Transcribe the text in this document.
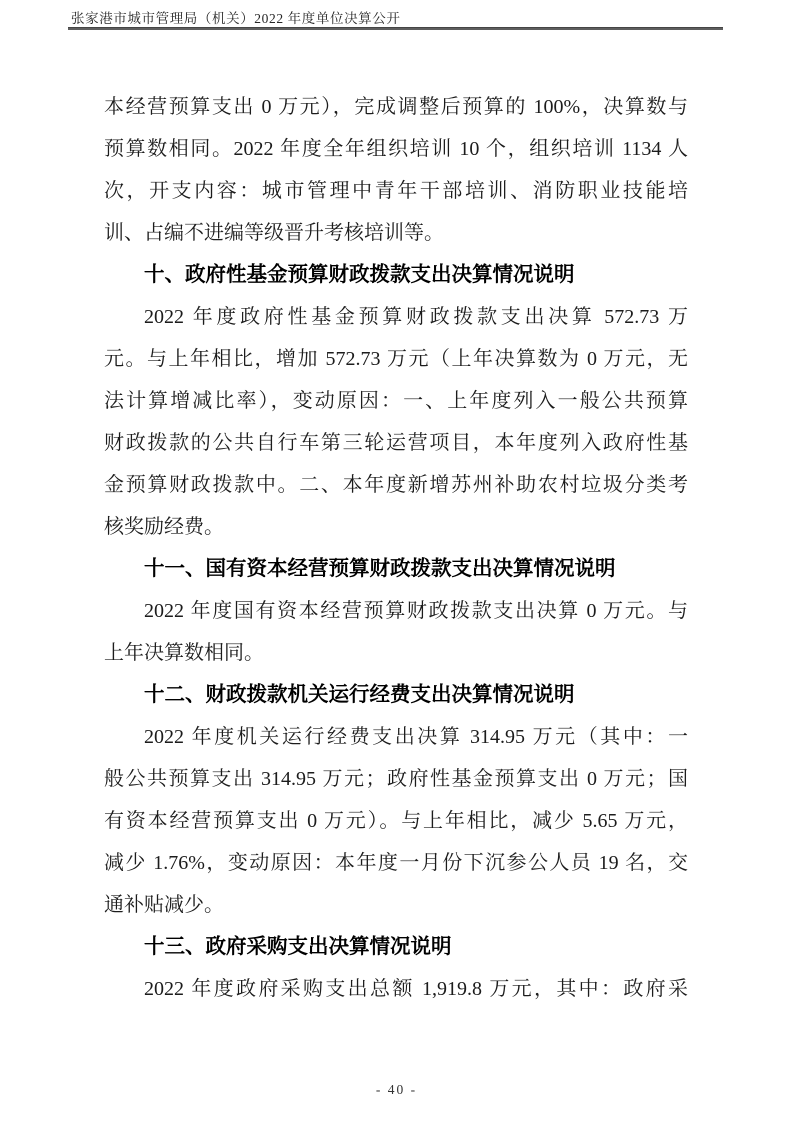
张家港市城市管理局（机关）2022 年度单位决算公开
本经营预算支出 0 万元），完成调整后预算的 100%，决算数与
预算数相同。2022 年度全年组织培训 10 个，组织培训 1134 人
次，开支内容：城市管理中青年干部培训、消防职业技能培
训、占编不进编等级晋升考核培训等。
十、政府性基金预算财政拨款支出决算情况说明
2022 年度政府性基金预算财政拨款支出决算 572.73 万
元。与上年相比，增加 572.73 万元（上年决算数为 0 万元，无
法计算增减比率），变动原因：一、上年度列入一般公共预算
财政拨款的公共自行车第三轮运营项目，本年度列入政府性基
金预算财政拨款中。二、本年度新增苏州补助农村垃圾分类考
核奖励经费。
十一、国有资本经营预算财政拨款支出决算情况说明
2022 年度国有资本经营预算财政拨款支出决算 0 万元。与
上年决算数相同。
十二、财政拨款机关运行经费支出决算情况说明
2022 年度机关运行经费支出决算 314.95 万元（其中：一
般公共预算支出 314.95 万元；政府性基金预算支出 0 万元；国
有资本经营预算支出 0 万元）。与上年相比，减少 5.65 万元，
减少 1.76%，变动原因：本年度一月份下沉参公人员 19 名，交
通补贴减少。
十三、政府采购支出决算情况说明
2022 年度政府采购支出总额 1,919.8 万元，其中：政府采
- 40 -
